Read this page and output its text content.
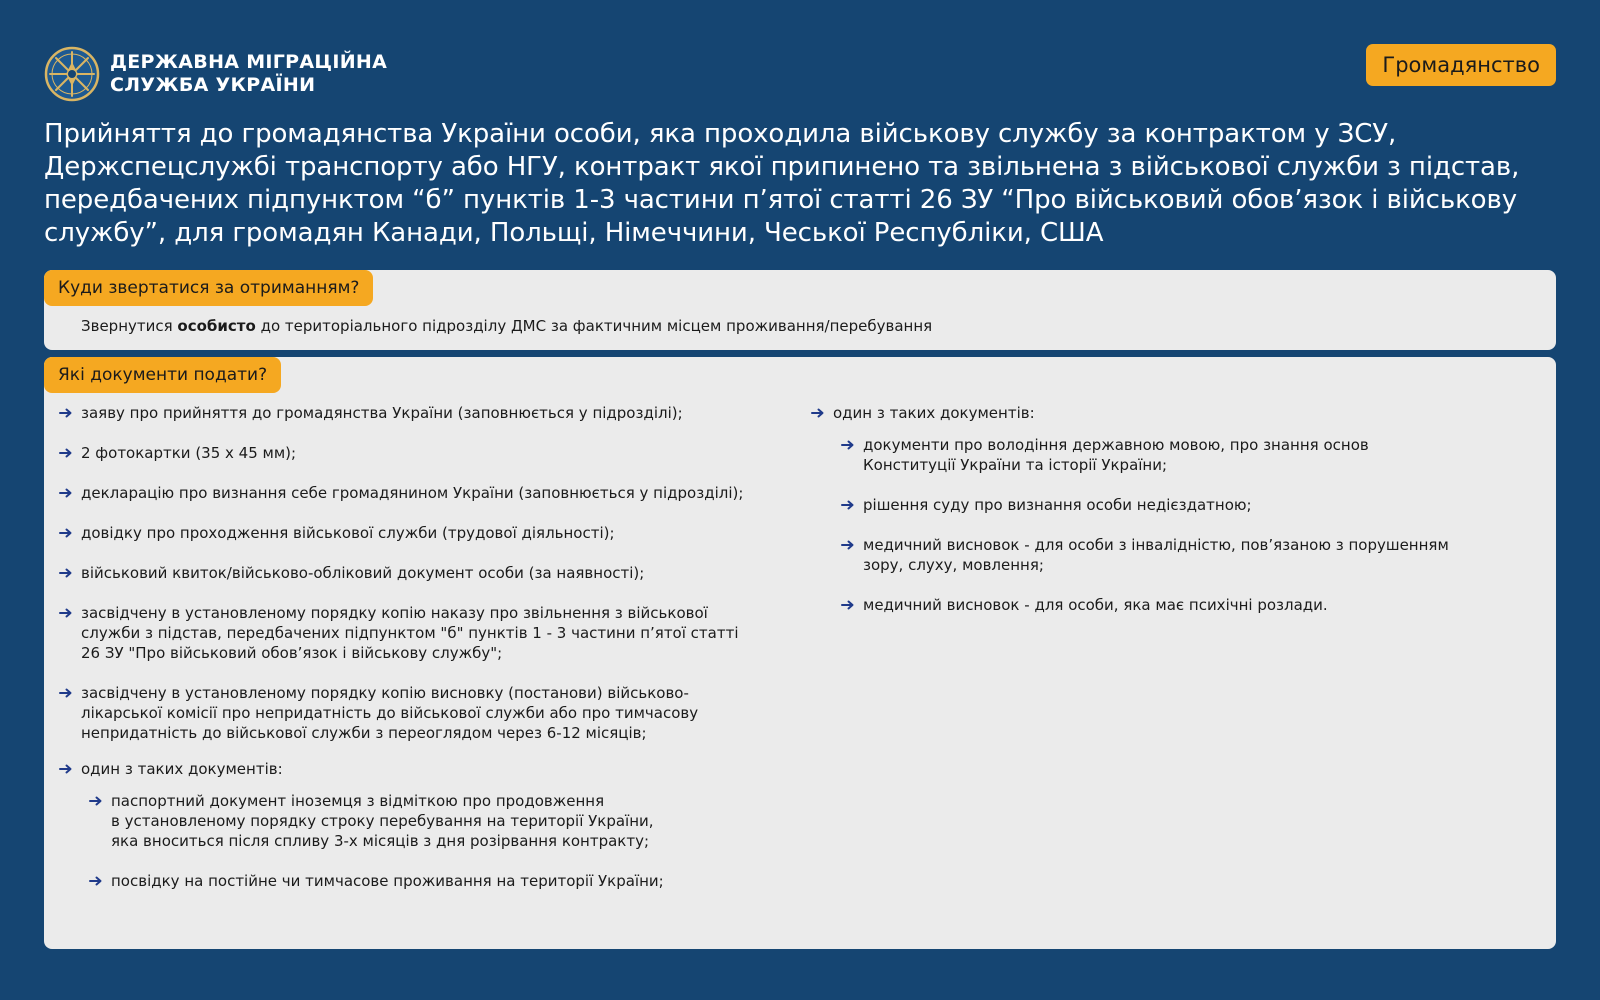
ДЕРЖАВНА МІГРАЦІЙНА
СЛУЖБА УКРАЇНИ
Громадянство
Прийняття до громадянства України особи, яка проходила військову службу за контрактом у ЗСУ, Держспецслужбі транспорту або НГУ, контракт якої припинено та звільнена з військової служби з підстав, передбачених підпунктом “б” пунктів 1-3 частини п’ятої статті 26 ЗУ “Про військовий обов’язок і військову службу”, для громадян Канади, Польщі, Німеччини, Чеської Республіки, США
Куди звертатися за отриманням?
Звернутися особисто до територіального підрозділу ДМС за фактичним місцем проживання/перебування
Які документи подати?
заяву про прийняття до громадянства України (заповнюється у підрозділі);
2 фотокартки (35 х 45 мм);
декларацію про визнання себе громадянином України (заповнюється у підрозділі);
довідку про проходження військової служби (трудової діяльності);
військовий квиток/військово-обліковий документ особи (за наявності);
засвідчену в установленому порядку копію наказу про звільнення з військової служби з підстав, передбачених підпунктом "б" пунктів 1 - 3 частини п’ятої статті 26 ЗУ "Про військовий обов’язок і військову службу";
засвідчену в установленому порядку копію висновку (постанови) військово-лікарської комісії про непридатність до військової служби або про тимчасову непридатність до військової служби з переоглядом через 6-12 місяців;
один з таких документів:
паспортний документ іноземця з відміткою про продовження
в установленому порядку строку перебування на території України,
яка вноситься після спливу 3-х місяців з дня розірвання контракту;
посвідку на постійне чи тимчасове проживання на території України;
один з таких документів:
документи про володіння державною мовою, про знання основ
Конституції України та історії України;
рішення суду про визнання особи недієздатною;
медичний висновок - для особи з інвалідністю, пов’язаною з порушенням
зору, слуху, мовлення;
медичний висновок - для особи, яка має психічні розлади.
